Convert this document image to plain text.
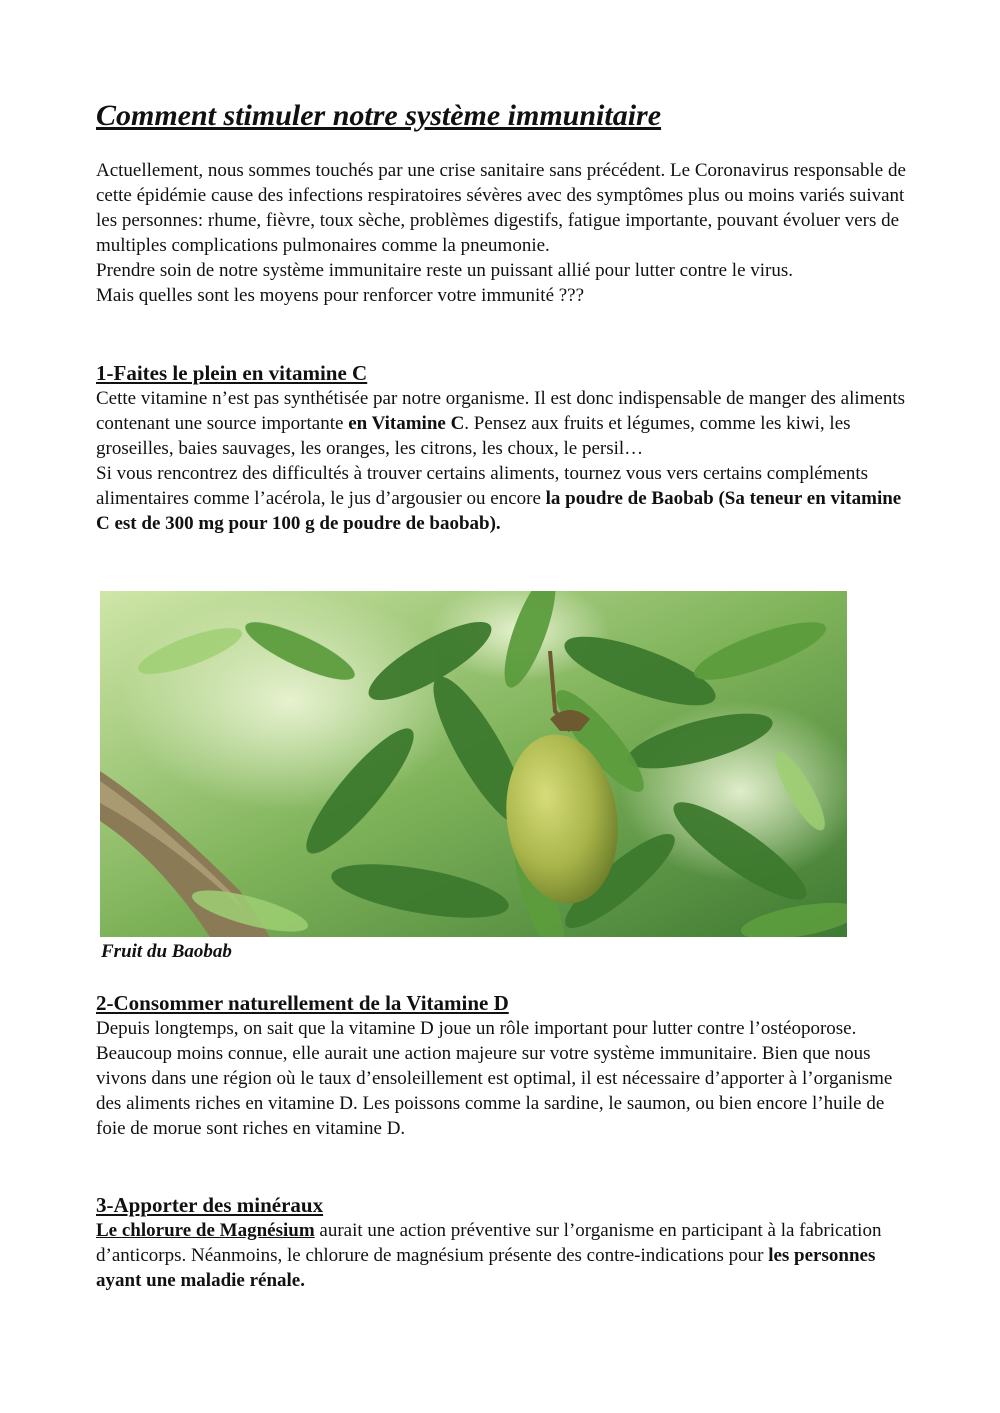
Comment stimuler notre système immunitaire

Actuellement, nous sommes touchés par une crise sanitaire sans précédent. Le Coronavirus responsable de cette épidémie cause des infections respiratoires sévères avec des symptômes plus ou moins variés suivant les personnes: rhume, fièvre, toux sèche, problèmes digestifs, fatigue importante, pouvant évoluer vers de multiples complications pulmonaires comme la pneumonie.
Prendre soin de notre système immunitaire reste un puissant allié pour lutter contre le virus.
Mais quelles sont les moyens pour renforcer votre immunité ???

1-Faites le plein en vitamine C

Cette vitamine n’est pas synthétisée par notre organisme. Il est donc indispensable de manger des aliments contenant une source importante en Vitamine C. Pensez aux fruits et légumes, comme les kiwi, les groseilles, baies sauvages, les oranges, les citrons, les choux, le persil…
Si vous rencontrez des difficultés à trouver certains aliments, tournez vous vers certains compléments alimentaires comme l’acérola, le jus d’argousier ou encore la poudre de Baobab (Sa teneur en vitamine C est de 300 mg pour 100 g de poudre de baobab).

2-Consommer naturellement de la Vitamine D

Depuis longtemps, on sait que la vitamine D joue un rôle important pour lutter contre l’ostéoporose. Beaucoup moins connue, elle aurait une action majeure sur votre système immunitaire. Bien que nous vivons dans une région où le taux d’ensoleillement est optimal, il est nécessaire d’apporter à l’organisme des aliments riches en vitamine D. Les poissons comme la sardine, le saumon, ou bien encore l’huile de foie de morue sont riches en vitamine D.

3-Apporter des minéraux

Le chlorure de Magnésium aurait une action préventive sur l’organisme en participant à la fabrication d’anticorps. Néanmoins, le chlorure de magnésium présente des contre-indications pour les personnes ayant une maladie rénale.

Fruit du Baobab
